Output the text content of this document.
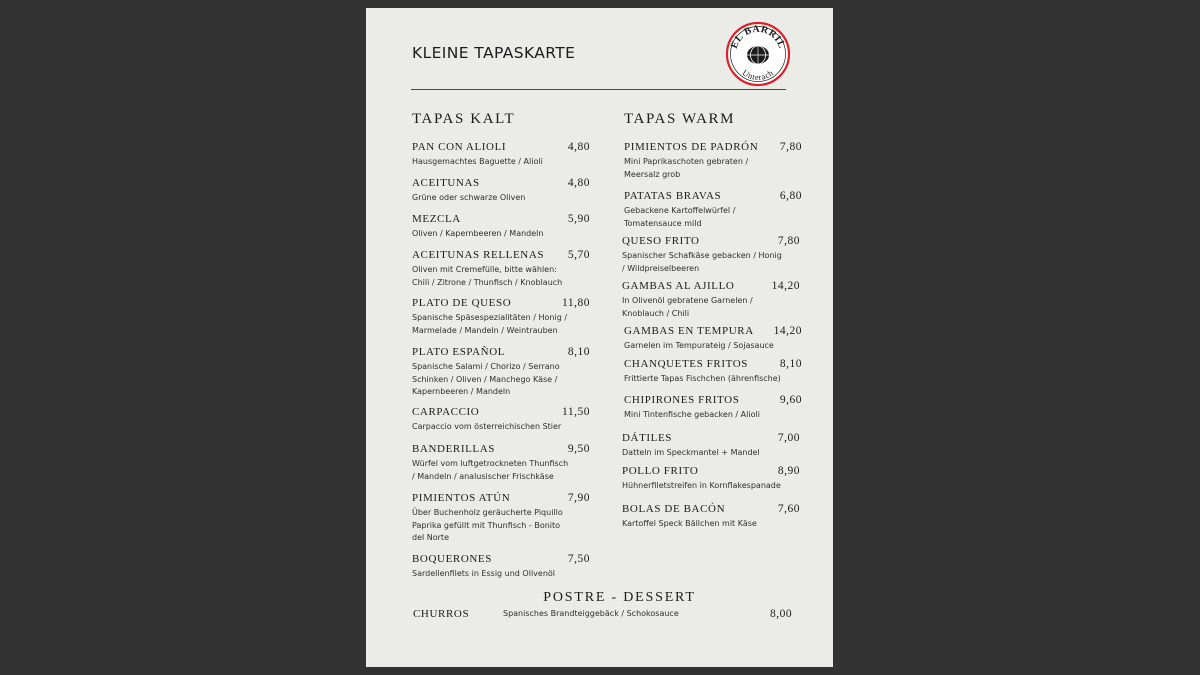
KLEINE TAPASKARTE	EL BARRIL
Unterach
TAPAS KALT	TAPAS WARM
PAN CON ALIOLI	4,80
Hausgemachtes Baguette / Alioli
ACEITUNAS	4,80
Grüne oder schwarze Oliven
MEZCLA	5,90
Oliven / Kapernbeeren / Mandeln
ACEITUNAS RELLENAS	5,70
Oliven mit Cremefülle, bitte wählen: Chili / Zitrone / Thunfisch / Knoblauch
PLATO DE QUESO	11,80
Spanische Späsespezialitäten / Honig / Marmelade / Mandeln / Weintrauben
PLATO ESPAÑOL	8,10
Spanische Salami / Chorizo / Serrano Schinken / Oliven / Manchego Käse / Kapernbeeren / Mandeln
CARPACCIO	11,50
Carpaccio vom österreichischen Stier
BANDERILLAS	9,50
Würfel vom luftgetrockneten Thunfisch / Mandeln / analusischer Frischkäse
PIMIENTOS ATÚN	7,90
Über Buchenholz geräucherte Piquillo Paprika gefüllt mit Thunfisch - Bonito del Norte
BOQUERONES	7,50
Sardellenfilets in Essig und Olivenöl
PIMIENTOS DE PADRÓN	7,80
Mini Paprikaschoten gebraten / Meersalz grob
PATATAS BRAVAS	6,80
Gebackene Kartoffelwürfel / Tomatensauce mild
QUESO FRITO	7,80
Spanischer Schafkäse gebacken / Honig / Wildpreiselbeeren
GAMBAS AL AJILLO	14,20
In Olivenöl gebratene Garnelen / Knoblauch / Chili
GAMBAS EN TEMPURA	14,20
Garnelen im Tempurateig / Sojasauce
CHANQUETES FRITOS	8,10
Frittierte Tapas Fischchen (ährenfische)
CHIPIRONES FRITOS	9,60
Mini Tintenfische gebacken / Alioli
DÁTILES	7,00
Datteln im Speckmantel + Mandel
POLLO FRITO	8,90
Hühnerfiletstreifen in Kornflakespanade
BOLAS DE BACÓN	7,60
Kartoffel Speck Bällchen mit Käse
POSTRE - DESSERT
CHURROS	Spanisches Brandteiggebäck / Schokosauce	8,00
